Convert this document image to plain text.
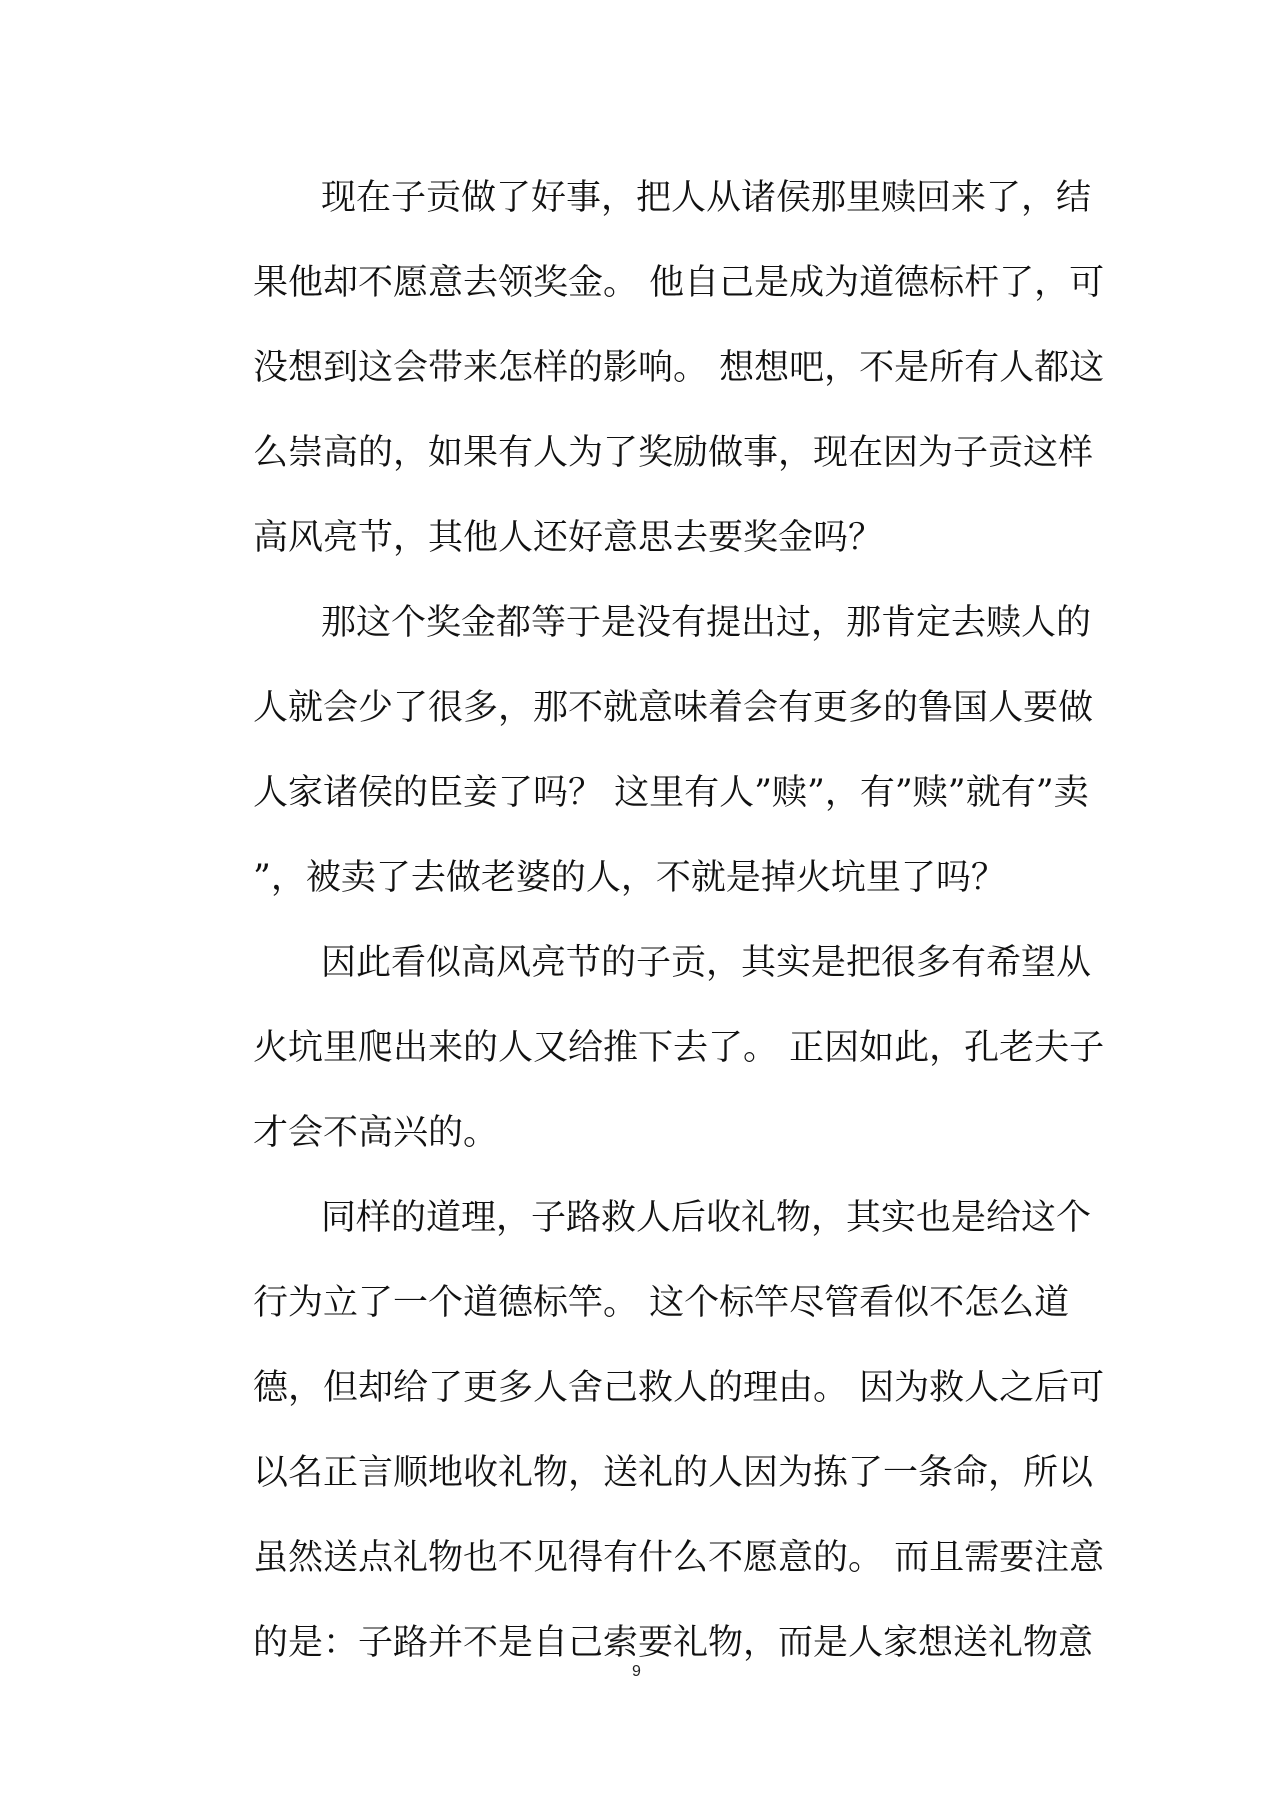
现在子贡做了好事，把人从诸侯那里赎回来了，结
果他却不愿意去领奖金。 他自己是成为道德标杆了，可
没想到这会带来怎样的影响。 想想吧，不是所有人都这
么崇高的，如果有人为了奖励做事，现在因为子贡这样
高风亮节，其他人还好意思去要奖金吗？
那这个奖金都等于是没有提出过，那肯定去赎人的
人就会少了很多，那不就意味着会有更多的鲁国人要做
人家诸侯的臣妾了吗？ 这里有人”赎”，有”赎”就有”卖
”，被卖了去做老婆的人，不就是掉火坑里了吗？
因此看似高风亮节的子贡，其实是把很多有希望从
火坑里爬出来的人又给推下去了。 正因如此，孔老夫子
才会不高兴的。
同样的道理，子路救人后收礼物，其实也是给这个
行为立了一个道德标竿。 这个标竿尽管看似不怎么道
德，但却给了更多人舍己救人的理由。 因为救人之后可
以名正言顺地收礼物，送礼的人因为拣了一条命，所以
虽然送点礼物也不见得有什么不愿意的。 而且需要注意
的是：子路并不是自己索要礼物，而是人家想送礼物意
9
